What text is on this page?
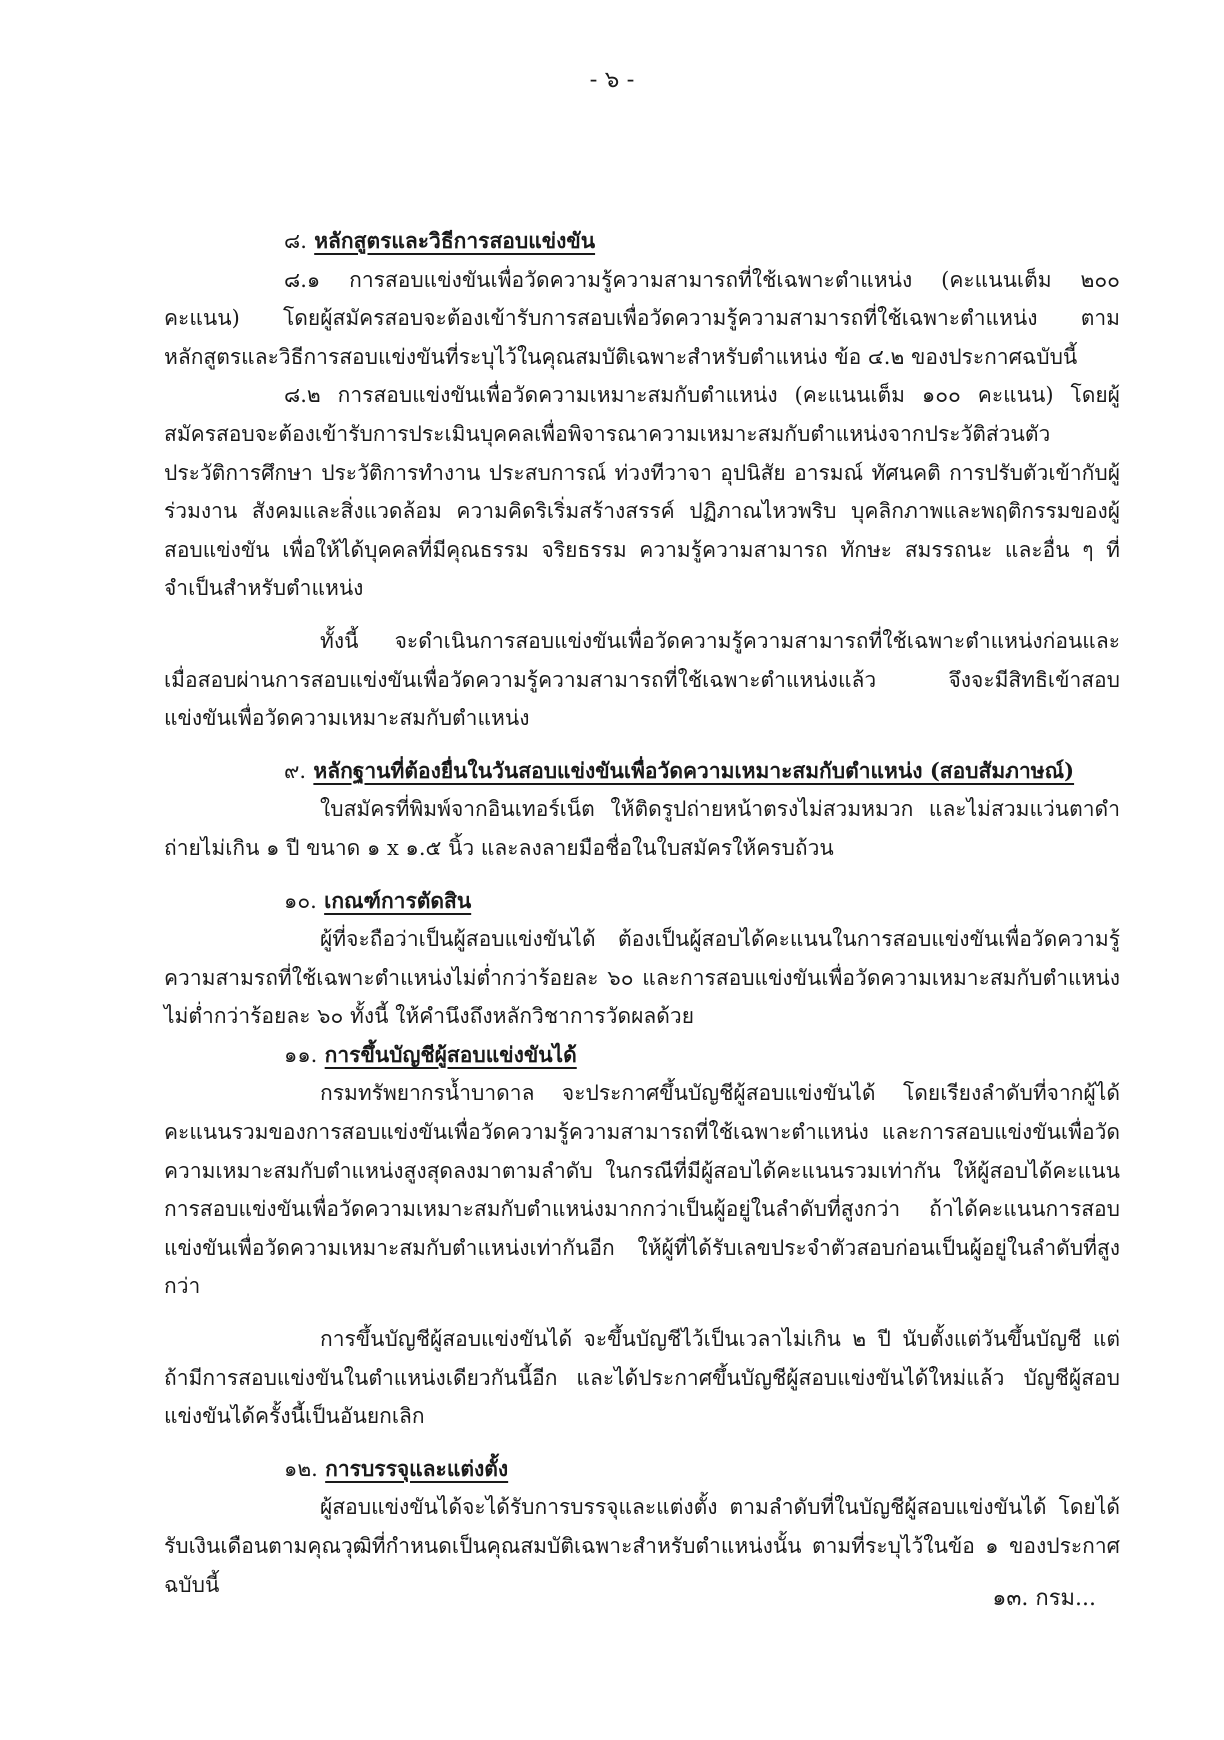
- ๖ -

๘. หลักสูตรและวิธีการสอบแข่งขัน

๘.๑ การสอบแข่งขันเพื่อวัดความรู้ความสามารถที่ใช้เฉพาะตำแหน่ง (คะแนนเต็ม ๒๐๐ คะแนน) โดยผู้สมัครสอบจะต้องเข้ารับการสอบเพื่อวัดความรู้ความสามารถที่ใช้เฉพาะตำแหน่ง ตามหลักสูตรและวิธีการสอบแข่งขันที่ระบุไว้ในคุณสมบัติเฉพาะสำหรับตำแหน่ง ข้อ ๔.๒ ของประกาศฉบับนี้

๘.๒ การสอบแข่งขันเพื่อวัดความเหมาะสมกับตำแหน่ง (คะแนนเต็ม ๑๐๐ คะแนน) โดยผู้สมัครสอบจะต้องเข้ารับการประเมินบุคคลเพื่อพิจารณาความเหมาะสมกับตำแหน่งจากประวัติส่วนตัว ประวัติการศึกษา ประวัติการทำงาน ประสบการณ์ ท่วงทีวาจา อุปนิสัย อารมณ์ ทัศนคติ การปรับตัวเข้ากับผู้ร่วมงาน สังคมและสิ่งแวดล้อม ความคิดริเริ่มสร้างสรรค์ ปฏิภาณไหวพริบ บุคลิกภาพและพฤติกรรมของผู้สอบแข่งขัน เพื่อให้ได้บุคคลที่มีคุณธรรม จริยธรรม ความรู้ความสามารถ ทักษะ สมรรถนะ และอื่น ๆ ที่จำเป็นสำหรับตำแหน่ง

ทั้งนี้ จะดำเนินการสอบแข่งขันเพื่อวัดความรู้ความสามารถที่ใช้เฉพาะตำแหน่งก่อนและเมื่อสอบผ่านการสอบแข่งขันเพื่อวัดความรู้ความสามารถที่ใช้เฉพาะตำแหน่งแล้ว จึงจะมีสิทธิเข้าสอบแข่งขันเพื่อวัดความเหมาะสมกับตำแหน่ง

๙. หลักฐานที่ต้องยื่นในวันสอบแข่งขันเพื่อวัดความเหมาะสมกับตำแหน่ง (สอบสัมภาษณ์)

ใบสมัครที่พิมพ์จากอินเทอร์เน็ต ให้ติดรูปถ่ายหน้าตรงไม่สวมหมวก และไม่สวมแว่นตาดำ ถ่ายไม่เกิน ๑ ปี ขนาด ๑ x ๑.๕ นิ้ว และลงลายมือชื่อในใบสมัครให้ครบถ้วน

๑๐. เกณฑ์การตัดสิน

ผู้ที่จะถือว่าเป็นผู้สอบแข่งขันได้ ต้องเป็นผู้สอบได้คะแนนในการสอบแข่งขันเพื่อวัดความรู้ความสามรถที่ใช้เฉพาะตำแหน่งไม่ต่ำกว่าร้อยละ ๖๐ และการสอบแข่งขันเพื่อวัดความเหมาะสมกับตำแหน่งไม่ต่ำกว่าร้อยละ ๖๐ ทั้งนี้ ให้คำนึงถึงหลักวิชาการวัดผลด้วย

๑๑. การขึ้นบัญชีผู้สอบแข่งขันได้

กรมทรัพยากรน้ำบาดาล จะประกาศขึ้นบัญชีผู้สอบแข่งขันได้ โดยเรียงลำดับที่จากผู้ได้คะแนนรวมของการสอบแข่งขันเพื่อวัดความรู้ความสามารถที่ใช้เฉพาะตำแหน่ง และการสอบแข่งขันเพื่อวัดความเหมาะสมกับตำแหน่งสูงสุดลงมาตามลำดับ ในกรณีที่มีผู้สอบได้คะแนนรวมเท่ากัน ให้ผู้สอบได้คะแนนการสอบแข่งขันเพื่อวัดความเหมาะสมกับตำแหน่งมากกว่าเป็นผู้อยู่ในลำดับที่สูงกว่า ถ้าได้คะแนนการสอบแข่งขันเพื่อวัดความเหมาะสมกับตำแหน่งเท่ากันอีก ให้ผู้ที่ได้รับเลขประจำตัวสอบก่อนเป็นผู้อยู่ในลำดับที่สูงกว่า

การขึ้นบัญชีผู้สอบแข่งขันได้ จะขึ้นบัญชีไว้เป็นเวลาไม่เกิน ๒ ปี นับตั้งแต่วันขึ้นบัญชี แต่ถ้ามีการสอบแข่งขันในตำแหน่งเดียวกันนี้อีก และได้ประกาศขึ้นบัญชีผู้สอบแข่งขันได้ใหม่แล้ว บัญชีผู้สอบแข่งขันได้ครั้งนี้เป็นอันยกเลิก

๑๒. การบรรจุและแต่งตั้ง

ผู้สอบแข่งขันได้จะได้รับการบรรจุและแต่งตั้ง ตามลำดับที่ในบัญชีผู้สอบแข่งขันได้ โดยได้รับเงินเดือนตามคุณวุฒิที่กำหนดเป็นคุณสมบัติเฉพาะสำหรับตำแหน่งนั้น ตามที่ระบุไว้ในข้อ ๑ ของประกาศฉบับนี้

๑๓. กรม...
